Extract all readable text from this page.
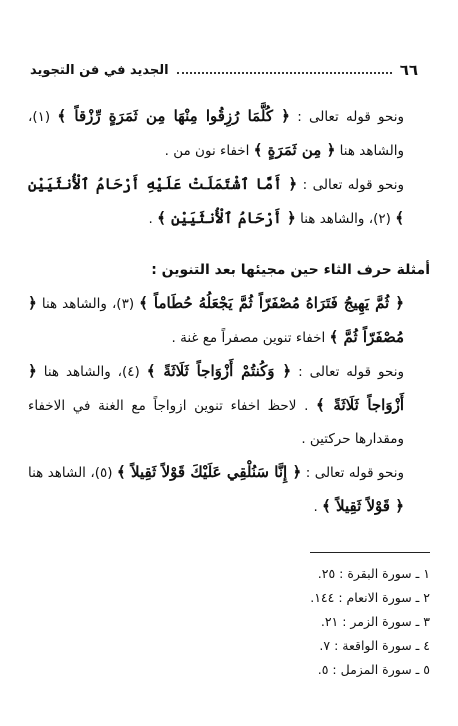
٦٦
الجديد في فن التجويد

ونحو قوله تعالى : ﴿ كُلَّمَا رُزِقُوا مِنْهَا مِن ثَمَرَةٍ رِّزْقاً ﴾ (١)، والشاهد هنا ﴿ مِن ثَمَرَةٍ ﴾ اخفاء نون من .

ونحو قوله تعالى : ﴿ أَمَّا ٱشْتَمَلَتْ عَلَيْهِ أَرْحَامُ ٱلْأُنثَيَيْنِ ﴾ (٢)، والشاهد هنا ﴿ أَرْحَامُ ٱلْأُنثَيَيْنِ ﴾ .

أمثلة حرف الثاء حين مجيئها بعد التنوين :

﴿ ثُمَّ يَهِيجُ فَتَرَاهُ مُصْفَرّاً ثُمَّ يَجْعَلُهُ حُطَاماً ﴾ (٣)، والشاهد هنا ﴿ مُصْفَرّاً ثُمَّ ﴾ اخفاء تنوين مصفراً مع غنة .

ونحو قوله تعالى : ﴿ وَكُنتُمْ أَزْوَاجاً ثَلَاثَةً ﴾ (٤)، والشاهد هنا ﴿ أَزْوَاجاً ثَلَاثَةً ﴾ . لاحظ اخفاء تنوين ازواجاً مع الغنة في الاخفاء ومقدارها حركتين .

ونحو قوله تعالى : ﴿ إِنَّا سَنُلْقِي عَلَيْكَ قَوْلاً ثَقِيلاً ﴾ (٥)، الشاهد هنا ﴿ قَوْلاً ثَقِيلاً ﴾ .

١ ـ سورة البقرة : ٢٥.
٢ ـ سورة الانعام : ١٤٤.
٣ ـ سورة الزمر : ٢١.
٤ ـ سورة الواقعة : ٧.
٥ ـ سورة المزمل : ٥.
